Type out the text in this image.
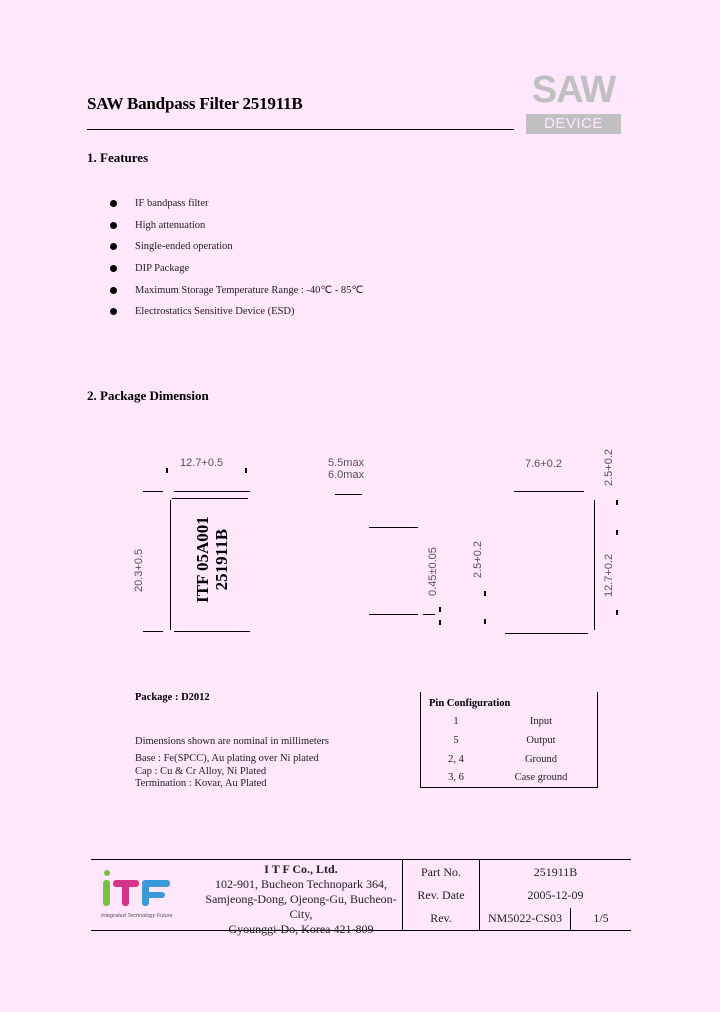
SAW Bandpass Filter 251911B	SAW
DEVICE
1. Features
IF bandpass filter
High attenuation
Single-ended operation
DIP Package
Maximum Storage Temperature Range : -40℃ - 85℃
Electrostatics Sensitive Device (ESD)
2. Package Dimension
12.7+0.5
20.3+0.5	ITF 05A001 251911B
5.5max 6.0max
0.45±0.05	2.5+0.2
7.6+0.2	2.5+0.2
12.7+0.2
Package : D2012
Dimensions shown are nominal in millimeters
Base : Fe(SPCC), Au plating over Ni plated
Cap : Cu & Cr Alloy, Ni Plated
Termination : Kovar, Au Plated
Pin Configuration
1	Input
5	Output
2, 4	Ground
3, 6	Case ground
Integrated Technology Future
I T F Co., Ltd.
102-901, Bucheon Technopark 364,
Samjeong-Dong, Ojeong-Gu, Bucheon-City,
Gyounggi-Do, Korea 421-809
Part No.	251911B
Rev. Date	2005-12-09
Rev.	NM5022-CS03	1/5
